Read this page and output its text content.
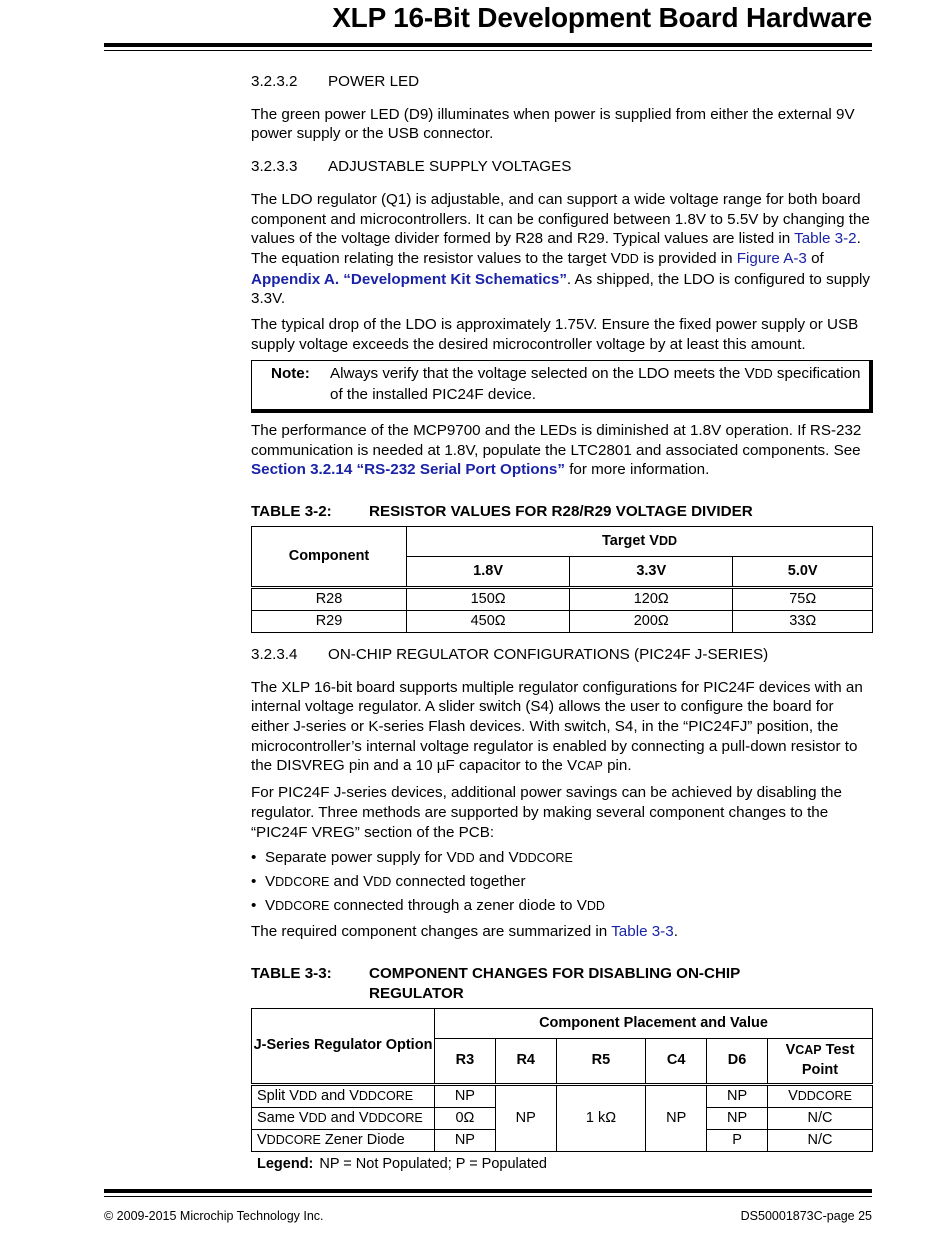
XLP 16-Bit Development Board Hardware
3.2.3.2 POWER LED

The green power LED (D9) illuminates when power is supplied from either the external 9V power supply or the USB connector.

3.2.3.3 ADJUSTABLE SUPPLY VOLTAGES

The LDO regulator (Q1) is adjustable, and can support a wide voltage range for both board component and microcontrollers. It can be configured between 1.8V to 5.5V by changing the values of the voltage divider formed by R28 and R29. Typical values are listed in Table 3-2. The equation relating the resistor values to the target VDD is provided in Figure A-3 of Appendix A. “Development Kit Schematics”. As shipped, the LDO is configured to supply 3.3V.

The typical drop of the LDO is approximately 1.75V. Ensure the fixed power supply or USB supply voltage exceeds the desired microcontroller voltage by at least this amount.

Note:	Always verify that the voltage selected on the LDO meets the VDD specification of the installed PIC24F device.

The performance of the MCP9700 and the LEDs is diminished at 1.8V operation. If RS-232 communication is needed at 1.8V, populate the LTC2801 and associated components. See Section 3.2.14 “RS-232 Serial Port Options” for more information.

TABLE 3-2:	RESISTOR VALUES FOR R28/R29 VOLTAGE DIVIDER
Component	Target VDD		
	1.8V	3.3V	5.0V
R28	150Ω	120Ω	75Ω
R29	450Ω	200Ω	33Ω
3.2.3.4 ON-CHIP REGULATOR CONFIGURATIONS (PIC24F J-SERIES)

The XLP 16-bit board supports multiple regulator configurations for PIC24F devices with an internal voltage regulator. A slider switch (S4) allows the user to configure the board for either J-series or K-series Flash devices. With switch, S4, in the “PIC24FJ” position, the microcontroller’s internal voltage regulator is enabled by connecting a pull-down resistor to the DISVREG pin and a 10 µF capacitor to the VCAP pin.

For PIC24F J-series devices, additional power savings can be achieved by disabling the regulator. Three methods are supported by making several component changes to the “PIC24F VREG” section of the PCB:

• Separate power supply for VDD and VDDCORE
• VDDCORE and VDD connected together
• VDDCORE connected through a zener diode to VDD

The required component changes are summarized in Table 3-3.

TABLE 3-3:	COMPONENT CHANGES FOR DISABLING ON-CHIP REGULATOR
J-Series Regulator Option	Component Placement and Value					
	R3	R4	R5	C4	D6	VCAP Test Point
Split VDD and VDDCORE	NP	NP	1 kΩ	NP	NP	VDDCORE
Same VDD and VDDCORE	0Ω				NP	N/C
VDDCORE Zener Diode	NP				P	N/C
Legend: NP = Not Populated; P = Populated
© 2009-2015 Microchip Technology Inc.	DS50001873C-page 25
